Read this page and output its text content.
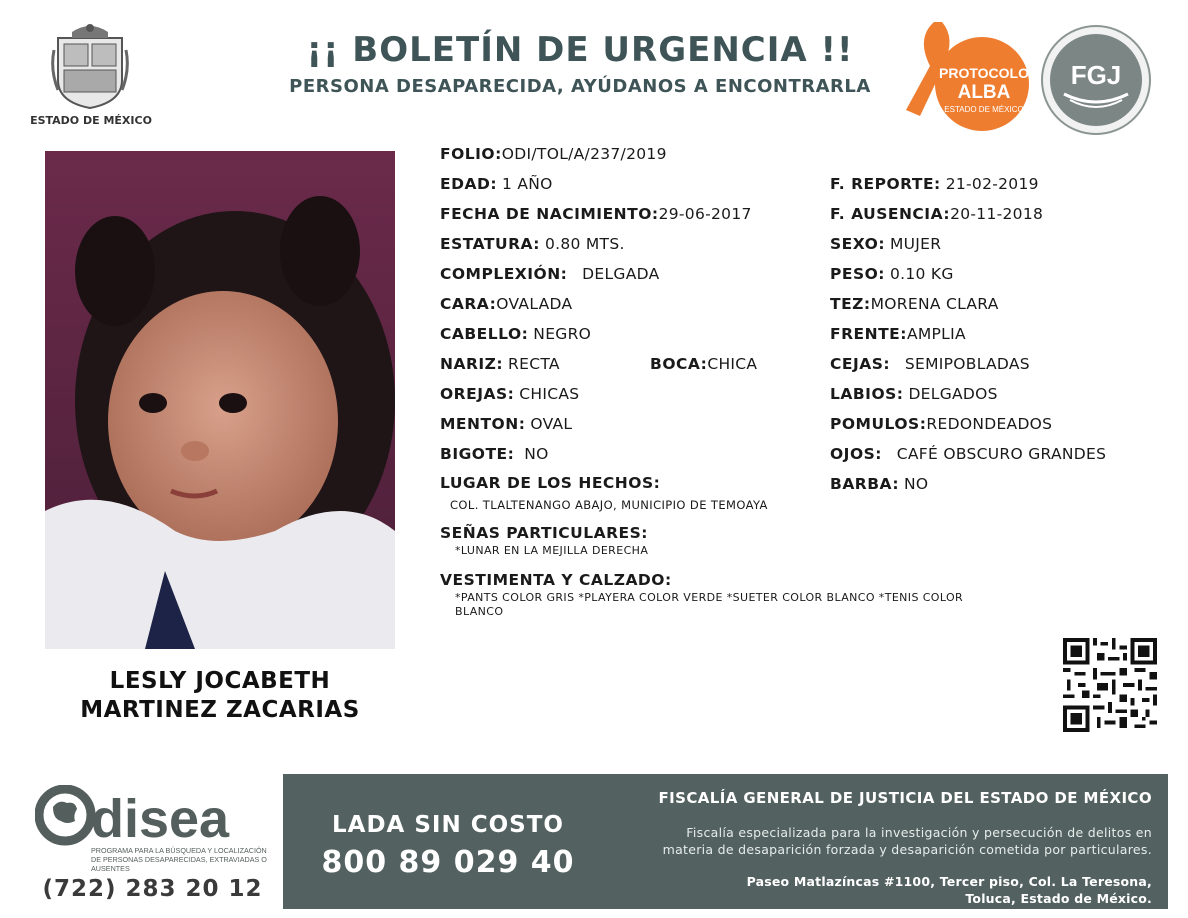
ESTADO DE MÉXICO
¡¡ BOLETÍN DE URGENCIA !!
PERSONA DESAPARECIDA, AYÚDANOS A ENCONTRARLA
PROTOCOLO
ALBA
ESTADO DE MÉXICO
FGJ
LESLY JOCABETH
MARTINEZ ZACARIAS
FOLIO:ODI/TOL/A/237/2019
EDAD: 1 AÑO	F. REPORTE: 21-02-2019
FECHA DE NACIMIENTO:29-06-2017	F. AUSENCIA:20-11-2018
ESTATURA: 0.80 MTS.	SEXO: MUJER
COMPLEXIÓN: DELGADA	PESO: 0.10 KG
CARA:OVALADA	TEZ:MORENA CLARA
CABELLO: NEGRO	FRENTE:AMPLIA
NARIZ: RECTA	BOCA:CHICA	CEJAS: SEMIPOBLADAS
OREJAS: CHICAS	LABIOS: DELGADOS
MENTON: OVAL	POMULOS:REDONDEADOS
BIGOTE: NO	OJOS: CAFÉ OBSCURO GRANDES
LUGAR DE LOS HECHOS:	BARBA: NO
COL. TLALTENANGO ABAJO, MUNICIPIO DE TEMOAYA
SEÑAS PARTICULARES:
*LUNAR EN LA MEJILLA DERECHA
VESTIMENTA Y CALZADO:
*PANTS COLOR GRIS *PLAYERA COLOR VERDE *SUETER COLOR BLANCO *TENIS COLOR
BLANCO
disea
PROGRAMA PARA LA BÚSQUEDA Y LOCALIZACIÓN
DE PERSONAS DESAPARECIDAS, EXTRAVIADAS O
AUSENTES
(722) 283 20 12
LADA SIN COSTO
800 89 029 40
FISCALÍA GENERAL DE JUSTICIA DEL ESTADO DE MÉXICO
Fiscalía especializada para la investigación y persecución de delitos en
materia de desaparición forzada y desaparición cometida por particulares.
Paseo Matlazíncas #1100, Tercer piso, Col. La Teresona,
Toluca, Estado de México.
